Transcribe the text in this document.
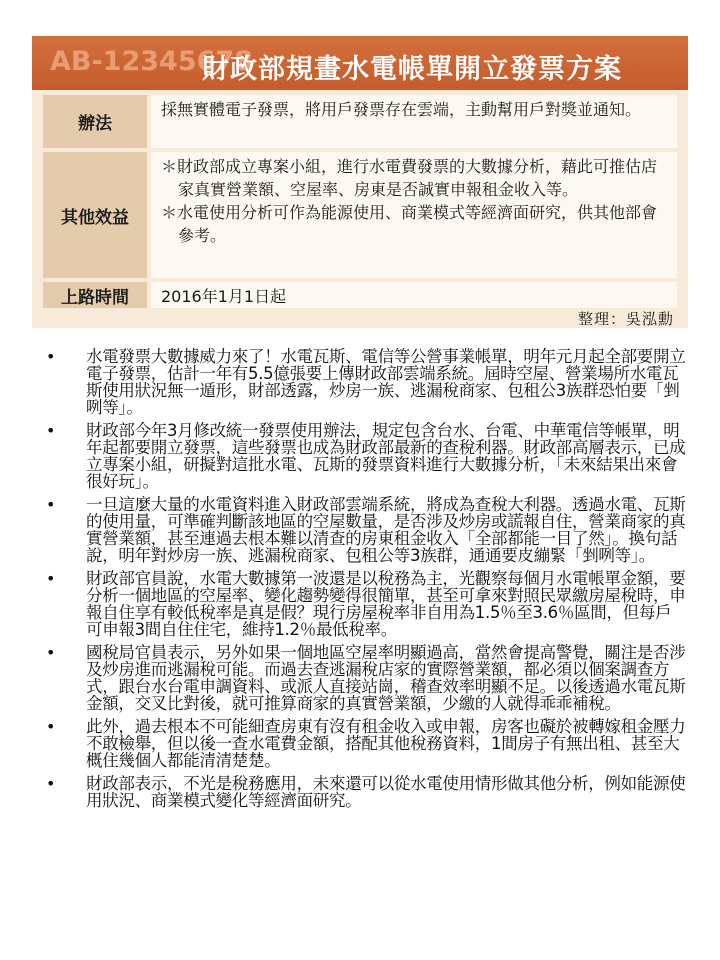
AB-12345678
財政部規畫水電帳單開立發票方案
辦法

採無實體電子發票，將用戶發票存在雲端，主動幫用戶對獎並通知。

其他效益
＊財政部成立專案小組，進行水電費發票的大數據分析，藉此可推估店家真實營業額、空屋率、房東是否誠實申報租金收入等。
＊水電使用分析可作為能源使用、商業模式等經濟面研究，供其他部會參考。
上路時間	2016年1月1日起

整理：吳泓勳
• 水電發票大數據威力來了！水電瓦斯、電信等公營事業帳單，明年元月起全部要開立電子發票，估計一年有5.5億張要上傳財政部雲端系統。屆時空屋、營業場所水電瓦斯使用狀況無一遁形，財部透露，炒房一族、逃漏稅商家、包租公3族群恐怕要「剉咧等」。
• 財政部今年3月修改統一發票使用辦法，規定包含台水、台電、中華電信等帳單，明年起都要開立發票，這些發票也成為財政部最新的查稅利器。財政部高層表示，已成立專案小組，研擬對這批水電、瓦斯的發票資料進行大數據分析，「未來結果出來會很好玩」。
• 一旦這麼大量的水電資料進入財政部雲端系統，將成為查稅大利器。透過水電、瓦斯的使用量，可準確判斷該地區的空屋數量，是否涉及炒房或謊報自住，營業商家的真實營業額，甚至連過去根本難以清查的房東租金收入「全部都能一目了然」。換句話說，明年對炒房一族、逃漏稅商家、包租公等3族群，通通要皮繃緊「剉咧等」。
• 財政部官員說，水電大數據第一波還是以稅務為主，光觀察每個月水電帳單金額，要分析一個地區的空屋率、變化趨勢變得很簡單，甚至可拿來對照民眾繳房屋稅時，申報自住享有較低稅率是真是假？現行房屋稅率非自用為1.5％至3.6％區間，但每戶可申報3間自住住宅，維持1.2％最低稅率。
• 國稅局官員表示，另外如果一個地區空屋率明顯過高，當然會提高警覺，關注是否涉及炒房進而逃漏稅可能。而過去查逃漏稅店家的實際營業額，都必須以個案調查方式，跟台水台電申調資料、或派人直接站崗，稽查效率明顯不足。以後透過水電瓦斯金額，交叉比對後，就可推算商家的真實營業額，少繳的人就得乖乖補稅。
• 此外，過去根本不可能細查房東有沒有租金收入或申報，房客也礙於被轉嫁租金壓力不敢檢舉，但以後一查水電費金額，搭配其他稅務資料，1間房子有無出租、甚至大概住幾個人都能清清楚楚。
• 財政部表示，不光是稅務應用，未來還可以從水電使用情形做其他分析，例如能源使用狀況、商業模式變化等經濟面研究。
